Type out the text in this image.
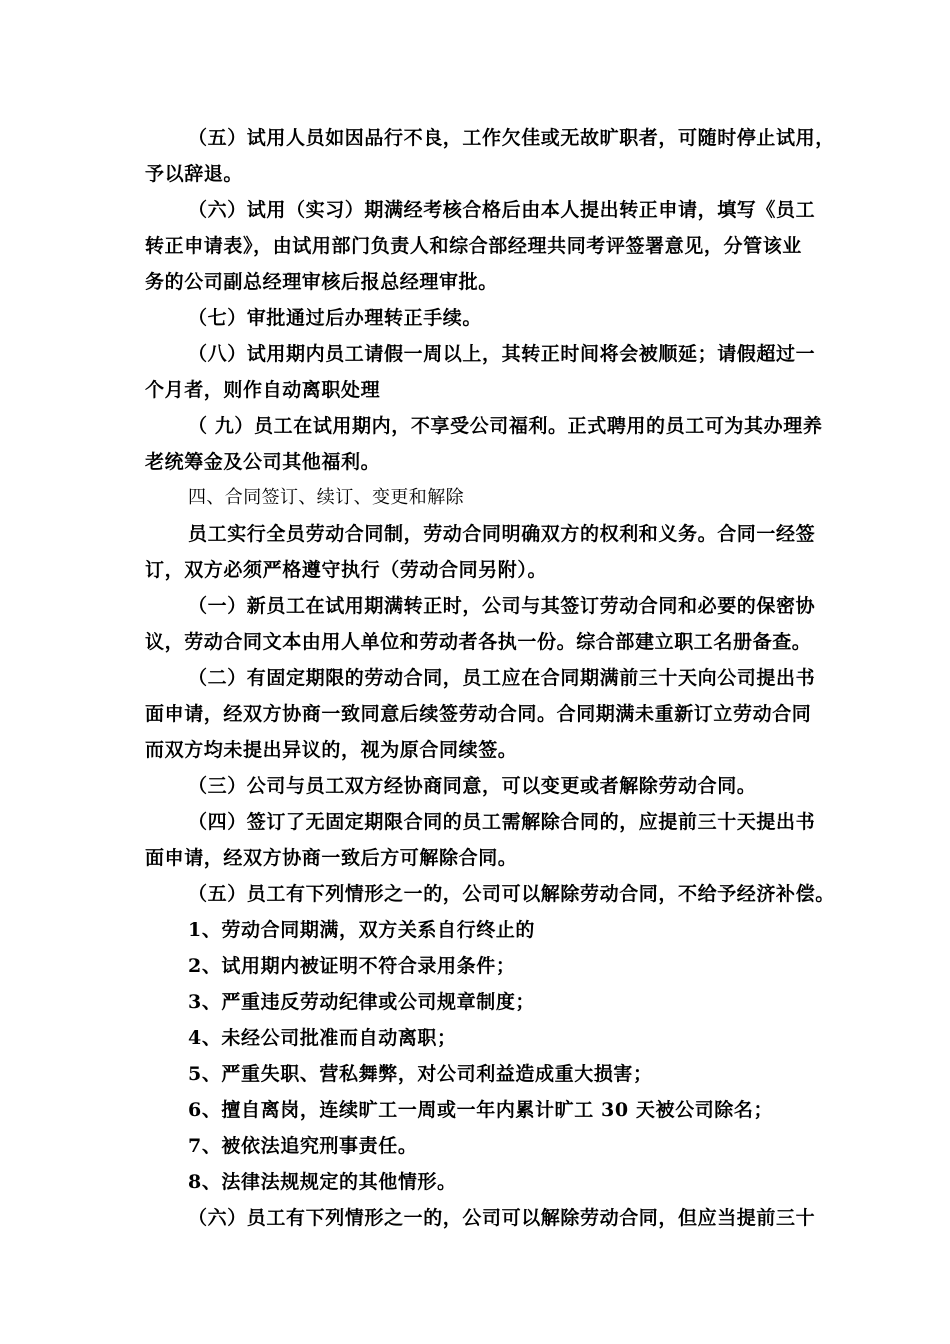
（五）试用人员如因品行不良，工作欠佳或无故旷职者，可随时停止试用，
予以辞退。
（六）试用（实习）期满经考核合格后由本人提出转正申请，填写《员工
转正申请表》，由试用部门负责人和综合部经理共同考评签署意见，分管该业
务的公司副总经理审核后报总经理审批。
（七）审批通过后办理转正手续。
（八）试用期内员工请假一周以上，其转正时间将会被顺延；请假超过一
个月者，则作自动离职处理
（ 九）员工在试用期内，不享受公司福利。正式聘用的员工可为其办理养
老统筹金及公司其他福利。
四、合同签订、续订、变更和解除
员工实行全员劳动合同制，劳动合同明确双方的权利和义务。合同一经签
订，双方必须严格遵守执行（劳动合同另附）。
（一）新员工在试用期满转正时，公司与其签订劳动合同和必要的保密协
议，劳动合同文本由用人单位和劳动者各执一份。综合部建立职工名册备查。
（二）有固定期限的劳动合同，员工应在合同期满前三十天向公司提出书
面申请，经双方协商一致同意后续签劳动合同。合同期满未重新订立劳动合同
而双方均未提出异议的，视为原合同续签。
（三）公司与员工双方经协商同意，可以变更或者解除劳动合同。
（四）签订了无固定期限合同的员工需解除合同的，应提前三十天提出书
面申请，经双方协商一致后方可解除合同。
（五）员工有下列情形之一的，公司可以解除劳动合同，不给予经济补偿。
1、劳动合同期满，双方关系自行终止的
2、试用期内被证明不符合录用条件；
3、严重违反劳动纪律或公司规章制度；
4、未经公司批准而自动离职；
5、严重失职、营私舞弊，对公司利益造成重大损害；
6、擅自离岗，连续旷工一周或一年内累计旷工 30 天被公司除名；
7、被依法追究刑事责任。
8、法律法规规定的其他情形。
（六）员工有下列情形之一的，公司可以解除劳动合同，但应当提前三十
